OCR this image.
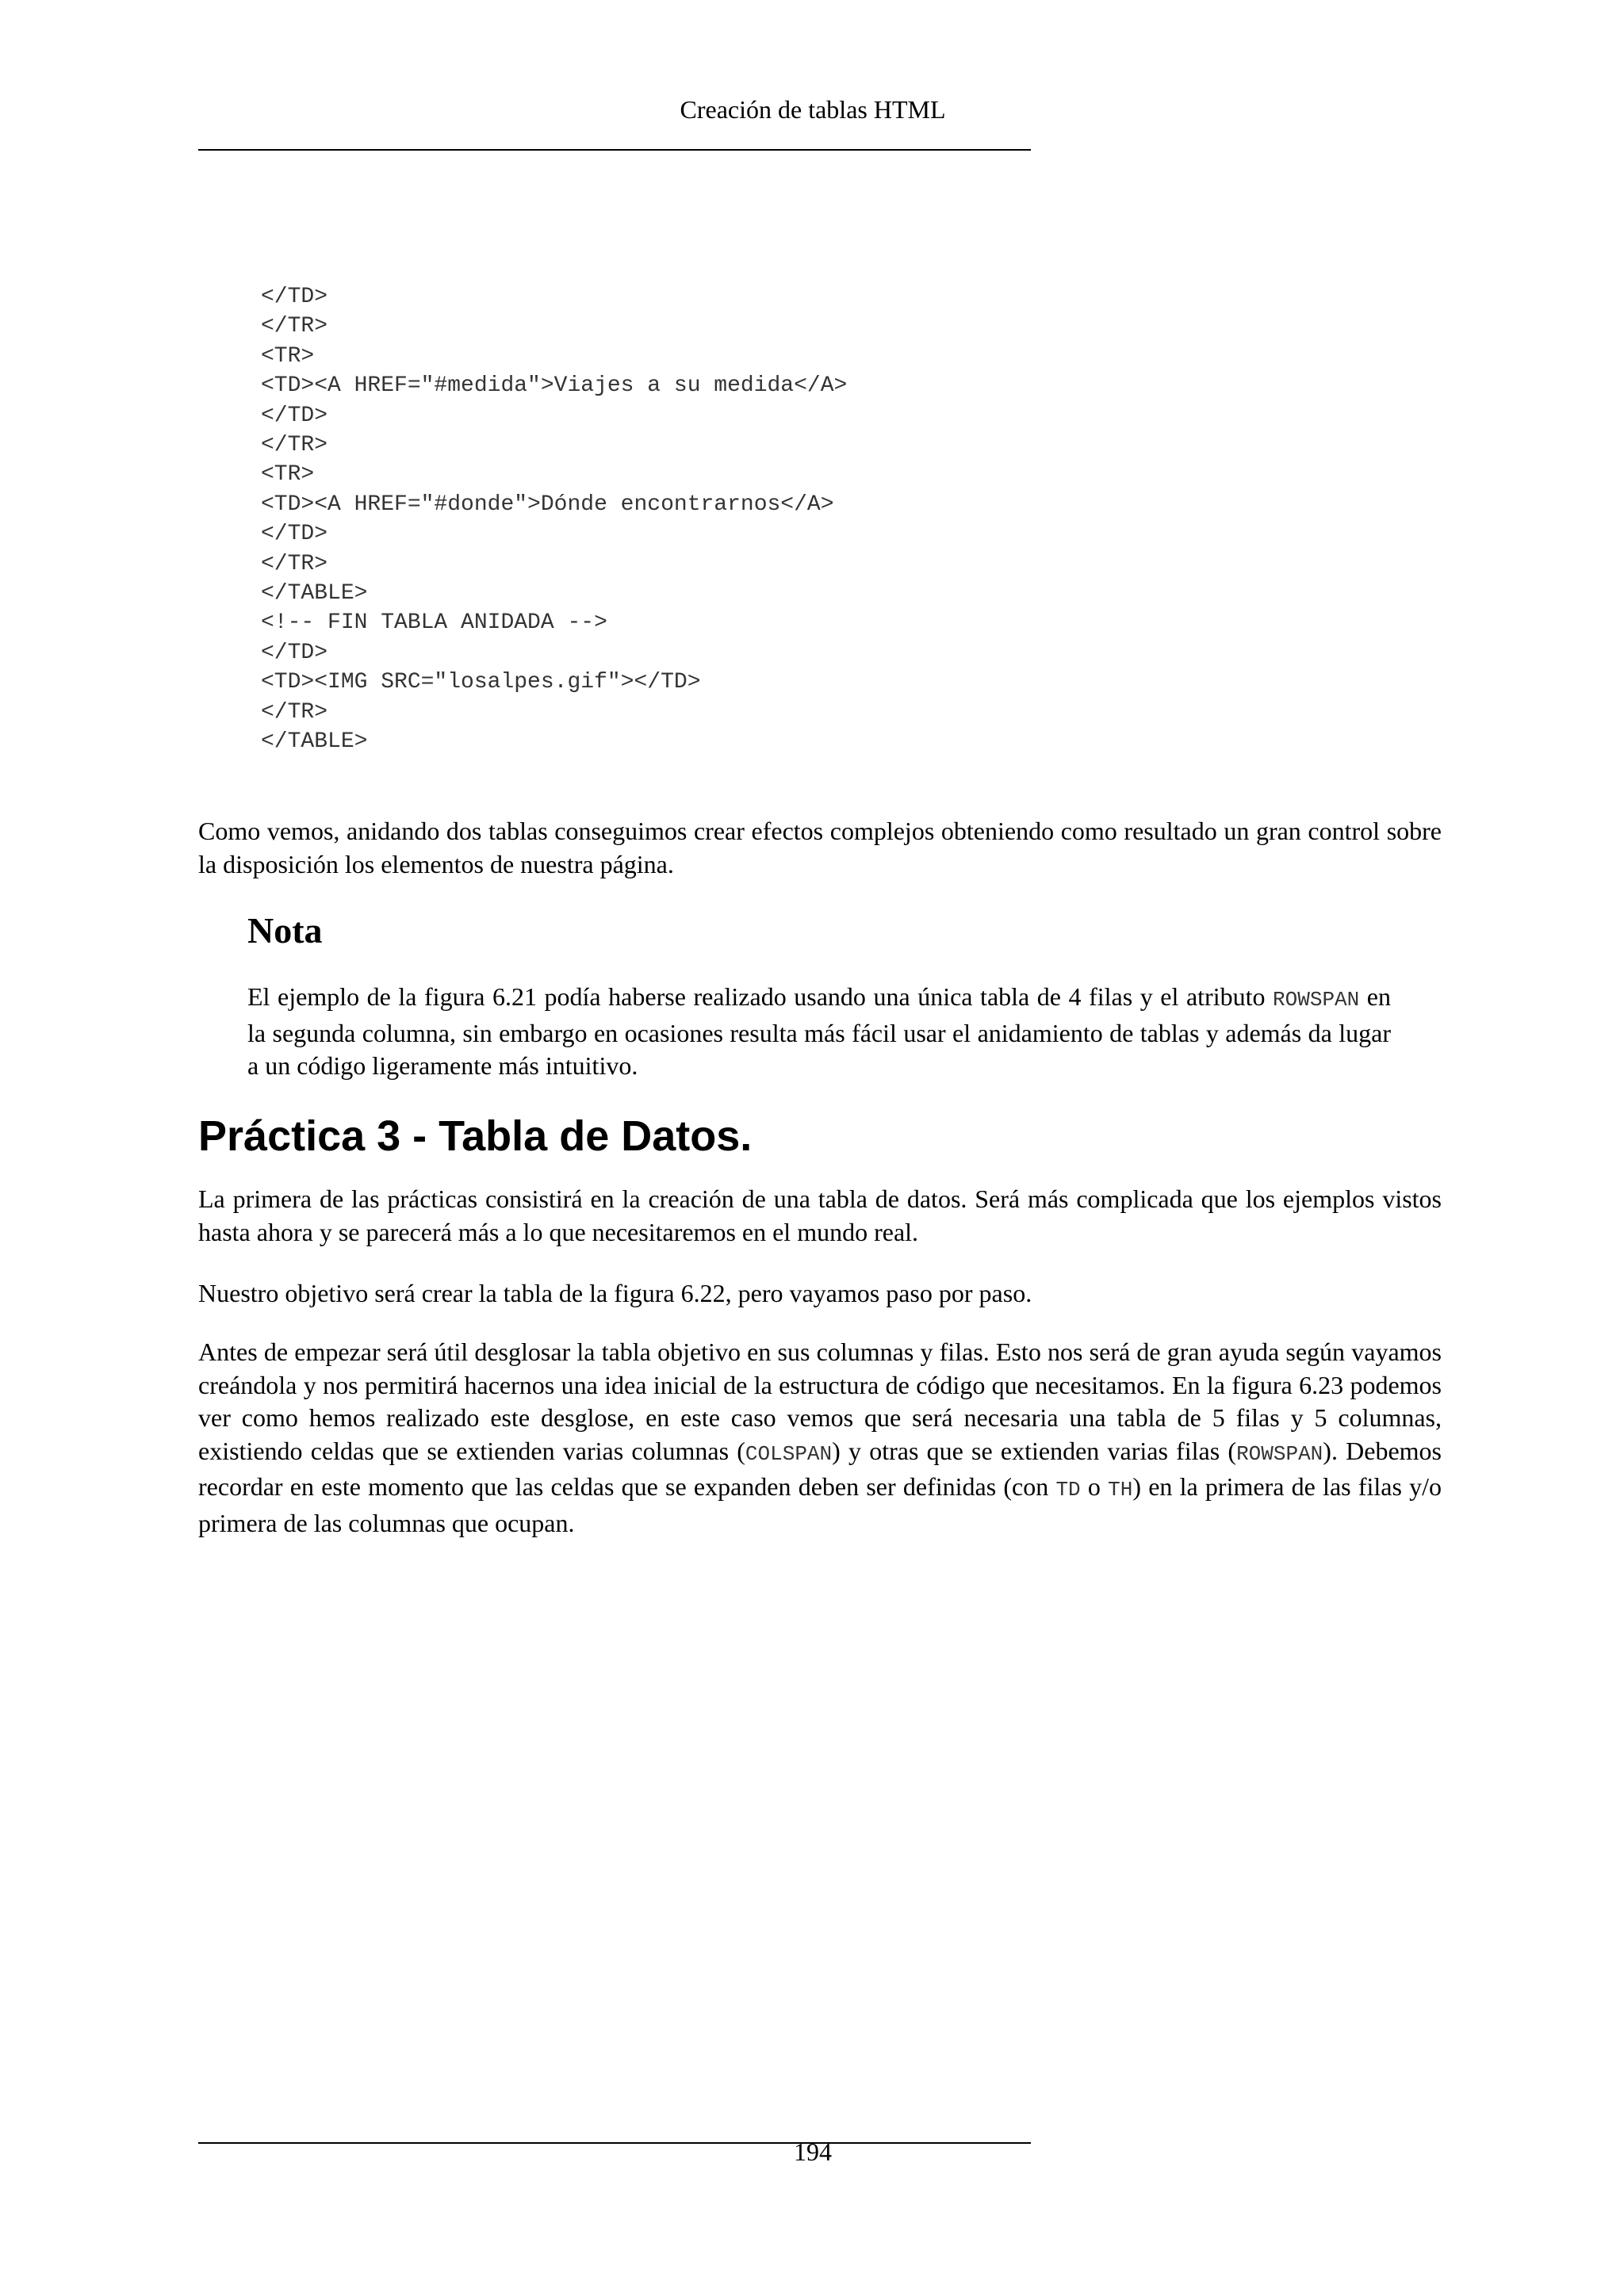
Creación de tablas HTML
</TD>
</TR>
<TR>
<TD><A HREF="#medida">Viajes a su medida</A>
</TD>
</TR>
<TR>
<TD><A HREF="#donde">Dónde encontrarnos</A>
</TD>
</TR>
</TABLE>
<!-- FIN TABLA ANIDADA -->
</TD>
<TD><IMG SRC="losalpes.gif"></TD>
</TR>
</TABLE>

Como vemos, anidando dos tablas conseguimos crear efectos complejos obteniendo como resultado un gran control sobre la disposición los elementos de nuestra página.

Nota

El ejemplo de la figura 6.21 podía haberse realizado usando una única tabla de 4 filas y el atributo ROWSPAN en la segunda columna, sin embargo en ocasiones resulta más fácil usar el anidamiento de tablas y además da lugar a un código ligeramente más intuitivo.

Práctica 3 - Tabla de Datos.

La primera de las prácticas consistirá en la creación de una tabla de datos. Será más complicada que los ejemplos vistos hasta ahora y se parecerá más a lo que necesitaremos en el mundo real.

Nuestro objetivo será crear la tabla de la figura 6.22, pero vayamos paso por paso.

Antes de empezar será útil desglosar la tabla objetivo en sus columnas y filas. Esto nos será de gran ayuda según vayamos creándola y nos permitirá hacernos una idea inicial de la estructura de código que necesitamos. En la figura 6.23 podemos ver como hemos realizado este desglose, en este caso vemos que será necesaria una tabla de 5 filas y 5 columnas, existiendo celdas que se extienden varias columnas (COLSPAN) y otras que se extienden varias filas (ROWSPAN). Debemos recordar en este momento que las celdas que se expanden deben ser definidas (con TD o TH) en la primera de las filas y/o primera de las columnas que ocupan.

194
